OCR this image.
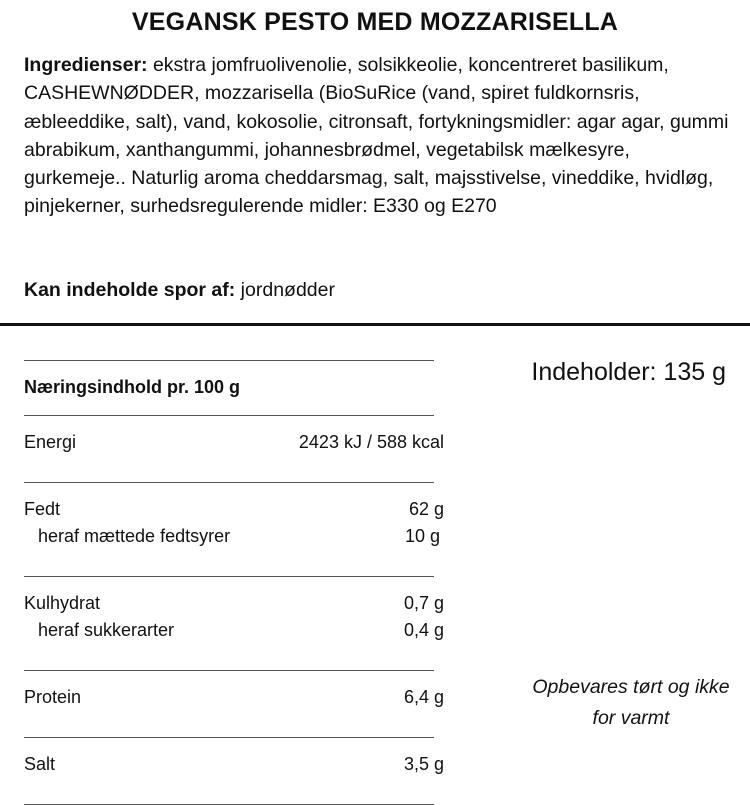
VEGANSK PESTO MED MOZZARISELLA

Ingredienser: ekstra jomfruolivenolie, solsikkeolie, koncentreret basilikum, CASHEWNØDDER, mozzarisella (BioSuRice (vand, spiret fuldkornsris, æbleeddike, salt), vand, kokosolie, citronsaft, fortykningsmidler: agar agar, gummi abrabikum, xanthangummi, johannesbrødmel, vegetabilsk mælkesyre, gurkemeje.. Naturlig aroma cheddarsmag, salt, majsstivelse, vineddike, hvidløg, pinjekerner, surhedsregulerende midler: E330 og E270

Kan indeholde spor af: jordnødder

Næringsindhold pr. 100 g
Energi	2423 kJ / 588 kcal
Fedt	62 g
heraf mættede fedtsyrer	10 g
Kulhydrat	0,7 g
heraf sukkerarter	0,4 g
Protein	6,4 g
Salt	3,5 g
Indeholder: 135 g

Opbevares tørt og ikke
for varmt
